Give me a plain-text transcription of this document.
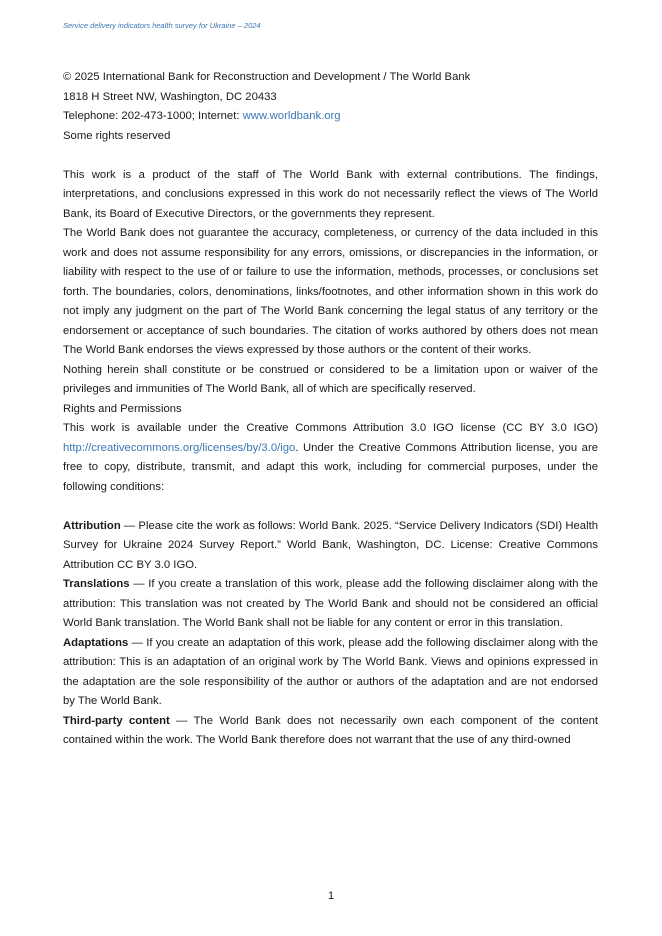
Service delivery indicators health survey for Ukraine – 2024

© 2025 International Bank for Reconstruction and Development / The World Bank

1818 H Street NW, Washington, DC 20433

Telephone: 202-473-1000; Internet: www.worldbank.org

Some rights reserved

This work is a product of the staff of The World Bank with external contributions. The findings, interpretations, and conclusions expressed in this work do not necessarily reflect the views of The World Bank, its Board of Executive Directors, or the governments they represent.

The World Bank does not guarantee the accuracy, completeness, or currency of the data included in this work and does not assume responsibility for any errors, omissions, or discrepancies in the information, or liability with respect to the use of or failure to use the information, methods, processes, or conclusions set forth. The boundaries, colors, denominations, links/footnotes, and other information shown in this work do not imply any judgment on the part of The World Bank concerning the legal status of any territory or the endorsement or acceptance of such boundaries. The citation of works authored by others does not mean The World Bank endorses the views expressed by those authors or the content of their works.

Nothing herein shall constitute or be construed or considered to be a limitation upon or waiver of the privileges and immunities of The World Bank, all of which are specifically reserved.

Rights and Permissions

This work is available under the Creative Commons Attribution 3.0 IGO license (CC BY 3.0 IGO) http://creativecommons.org/licenses/by/3.0/igo. Under the Creative Commons Attribution license, you are free to copy, distribute, transmit, and adapt this work, including for commercial purposes, under the following conditions:

Attribution — Please cite the work as follows: World Bank. 2025. “Service Delivery Indicators (SDI) Health Survey for Ukraine 2024 Survey Report.” World Bank, Washington, DC. License: Creative Commons Attribution CC BY 3.0 IGO.

Translations — If you create a translation of this work, please add the following disclaimer along with the attribution: This translation was not created by The World Bank and should not be considered an official World Bank translation. The World Bank shall not be liable for any content or error in this translation.

Adaptations — If you create an adaptation of this work, please add the following disclaimer along with the attribution: This is an adaptation of an original work by The World Bank. Views and opinions expressed in the adaptation are the sole responsibility of the author or authors of the adaptation and are not endorsed by The World Bank.

Third-party content — The World Bank does not necessarily own each component of the content contained within the work. The World Bank therefore does not warrant that the use of any third-owned

1
